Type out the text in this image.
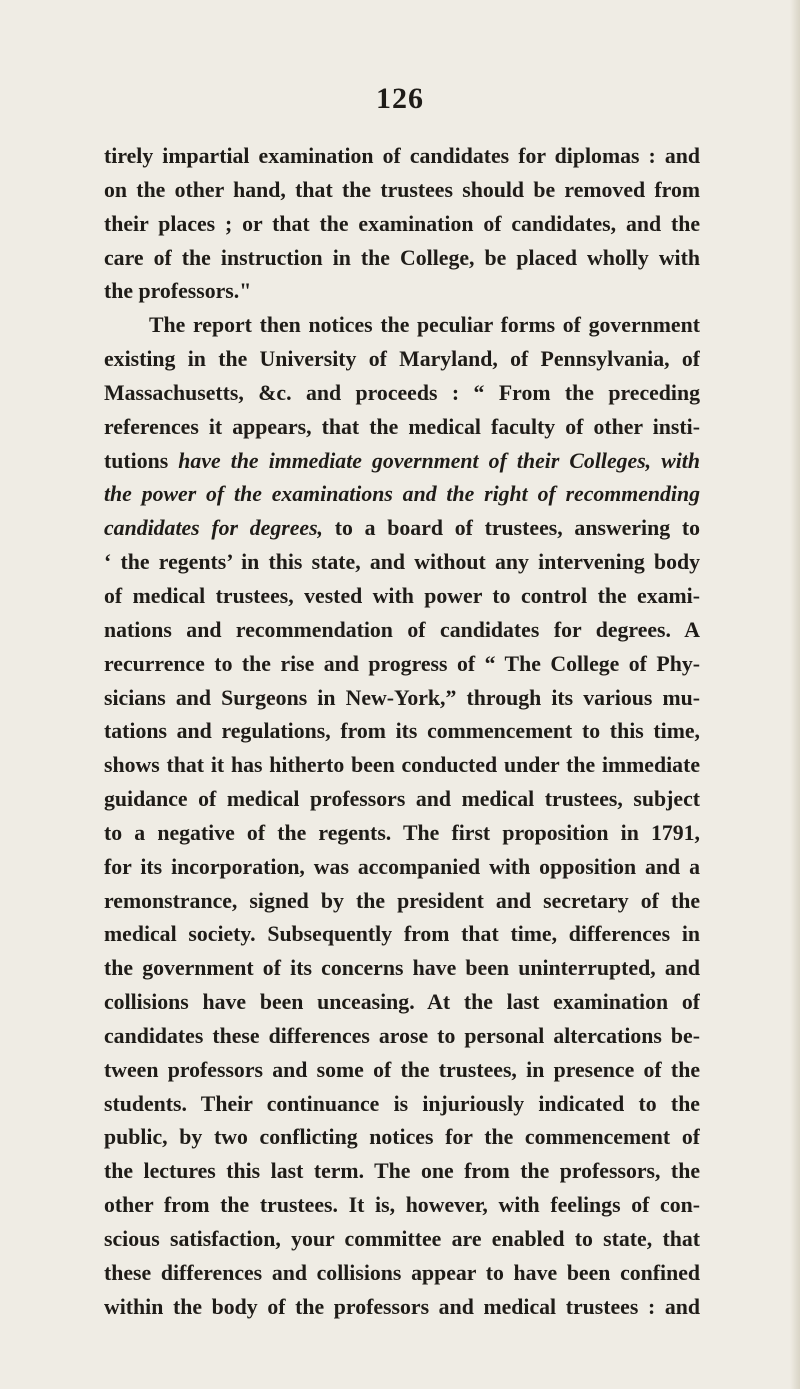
126
tirely impartial examination of candidates for diplomas : and
on the other hand, that the trustees should be removed from
their places ; or that the examination of candidates, and the
care of the instruction in the College, be placed wholly with
the professors."
The report then notices the peculiar forms of government
existing in the University of Maryland, of Pennsylvania, of
Massachusetts, &c. and proceeds : “ From the preceding
references it appears, that the medical faculty of other insti-
tutions have the immediate government of their Colleges, with
the power of the examinations and the right of recommending
candidates for degrees, to a board of trustees, answering to
‘ the regents’ in this state, and without any intervening body
of medical trustees, vested with power to control the exami-
nations and recommendation of candidates for degrees. A
recurrence to the rise and progress of “ The College of Phy-
sicians and Surgeons in New-York,” through its various mu-
tations and regulations, from its commencement to this time,
shows that it has hitherto been conducted under the immediate
guidance of medical professors and medical trustees, subject
to a negative of the regents. The first proposition in 1791,
for its incorporation, was accompanied with opposition and a
remonstrance, signed by the president and secretary of the
medical society. Subsequently from that time, differences in
the government of its concerns have been uninterrupted, and
collisions have been unceasing. At the last examination of
candidates these differences arose to personal altercations be-
tween professors and some of the trustees, in presence of the
students. Their continuance is injuriously indicated to the
public, by two conflicting notices for the commencement of
the lectures this last term. The one from the professors, the
other from the trustees. It is, however, with feelings of con-
scious satisfaction, your committee are enabled to state, that
these differences and collisions appear to have been confined
within the body of the professors and medical trustees : and
